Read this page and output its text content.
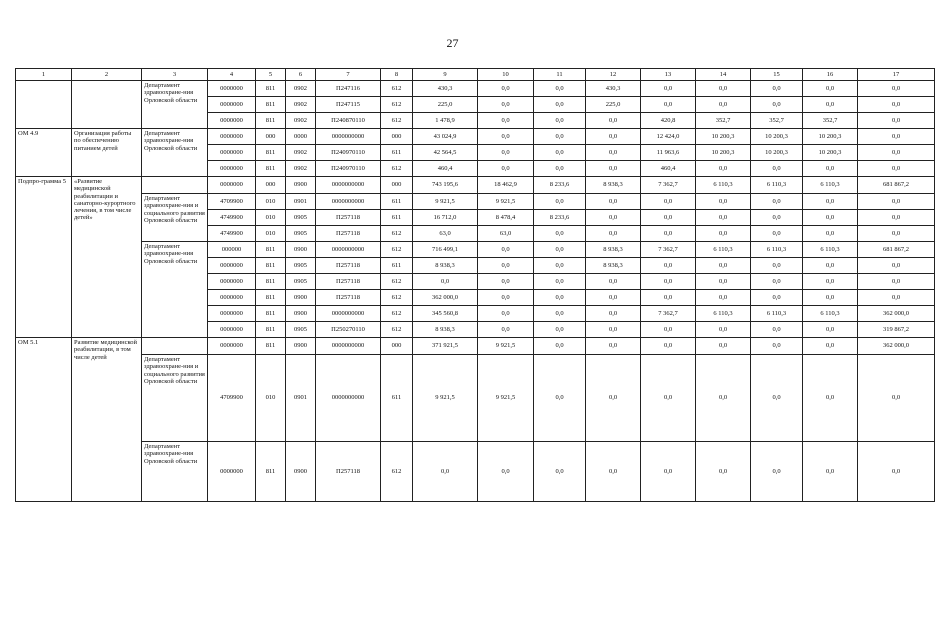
27
1	2	3	4	5	6	7	8	9	10	11	12	13	14	15	16	17
		Департамент здравоохране-ния Орловской области	0000000	811	0902	П247116	612	430,3	0,0	0,0	430,3	0,0	0,0	0,0	0,0	0,0
			0000000	811	0902	П247115	612	225,0	0,0	0,0	225,0	0,0	0,0	0,0	0,0	0,0
			0000000	811	0902	П240870110	612	1 478,9	0,0	0,0	0,0	420,8	352,7	352,7	352,7	0,0
ОМ 4.9	Организация работы по обеспечению питанием детей	Департамент здравоохране-ния Орловской области	0000000	000	0000	0000000000	000	43 024,9	0,0	0,0	0,0	12 424,0	10 200,3	10 200,3	10 200,3	0,0
			0000000	811	0902	П240970110	611	42 564,5	0,0	0,0	0,0	11 963,6	10 200,3	10 200,3	10 200,3	0,0
			0000000	811	0902	П240970110	612	460,4	0,0	0,0	0,0	460,4	0,0	0,0	0,0	0,0
Подпро-грамма 5	«Развитие медицинской реабилитации и санаторно-курортного лечения, в том числе детей»		0000000	000	0900	0000000000	000	743 195,6	18 462,9	8 233,6	8 938,3	7 362,7	6 110,3	6 110,3	6 110,3	681 867,2
		Департамент здравоохране-ния и социального развития Орловской области	4709900	010	0901	0000000000	611	9 921,5	9 921,5	0,0	0,0	0,0	0,0	0,0	0,0	0,0
			4749900	010	0905	П257118	611	16 712,0	8 478,4	8 233,6	0,0	0,0	0,0	0,0	0,0	0,0
			4749900	010	0905	П257118	612	63,0	63,0	0,0	0,0	0,0	0,0	0,0	0,0	0,0
		Департамент здравоохране-ния Орловской области	000000	811	0900	0000000000	612	716 499,1	0,0	0,0	8 938,3	7 362,7	6 110,3	6 110,3	6 110,3	681 867,2
			0000000	811	0905	П257118	611	8 938,3	0,0	0,0	8 938,3	0,0	0,0	0,0	0,0	0,0
			0000000	811	0905	П257118	612	0,0	0,0	0,0	0,0	0,0	0,0	0,0	0,0	0,0
			0000000	811	0900	П257118	612	362 000,0	0,0	0,0	0,0	0,0	0,0	0,0	0,0	0,0
			0000000	811	0900	0000000000	612	345 560,8	0,0	0,0	0,0	7 362,7	6 110,3	6 110,3	6 110,3	362 000,0
			0000000	811	0905	П250270110	612	8 938,3	0,0	0,0	0,0	0,0	0,0	0,0	0,0	319 867,2
ОМ 5.1	Развитие медицинской реабилитации, в том числе детей		0000000	811	0900	0000000000	000	371 921,5	9 921,5	0,0	0,0	0,0	0,0	0,0	0,0	362 000,0
		Департамент здравоохране-ния и социального развития Орловской области	4709900	010	0901	0000000000	611	9 921,5	9 921,5	0,0	0,0	0,0	0,0	0,0	0,0	0,0
		Департамент здравоохране-ния Орловской области	0000000	811	0900	П257118	612	0,0	0,0	0,0	0,0	0,0	0,0	0,0	0,0	0,0
